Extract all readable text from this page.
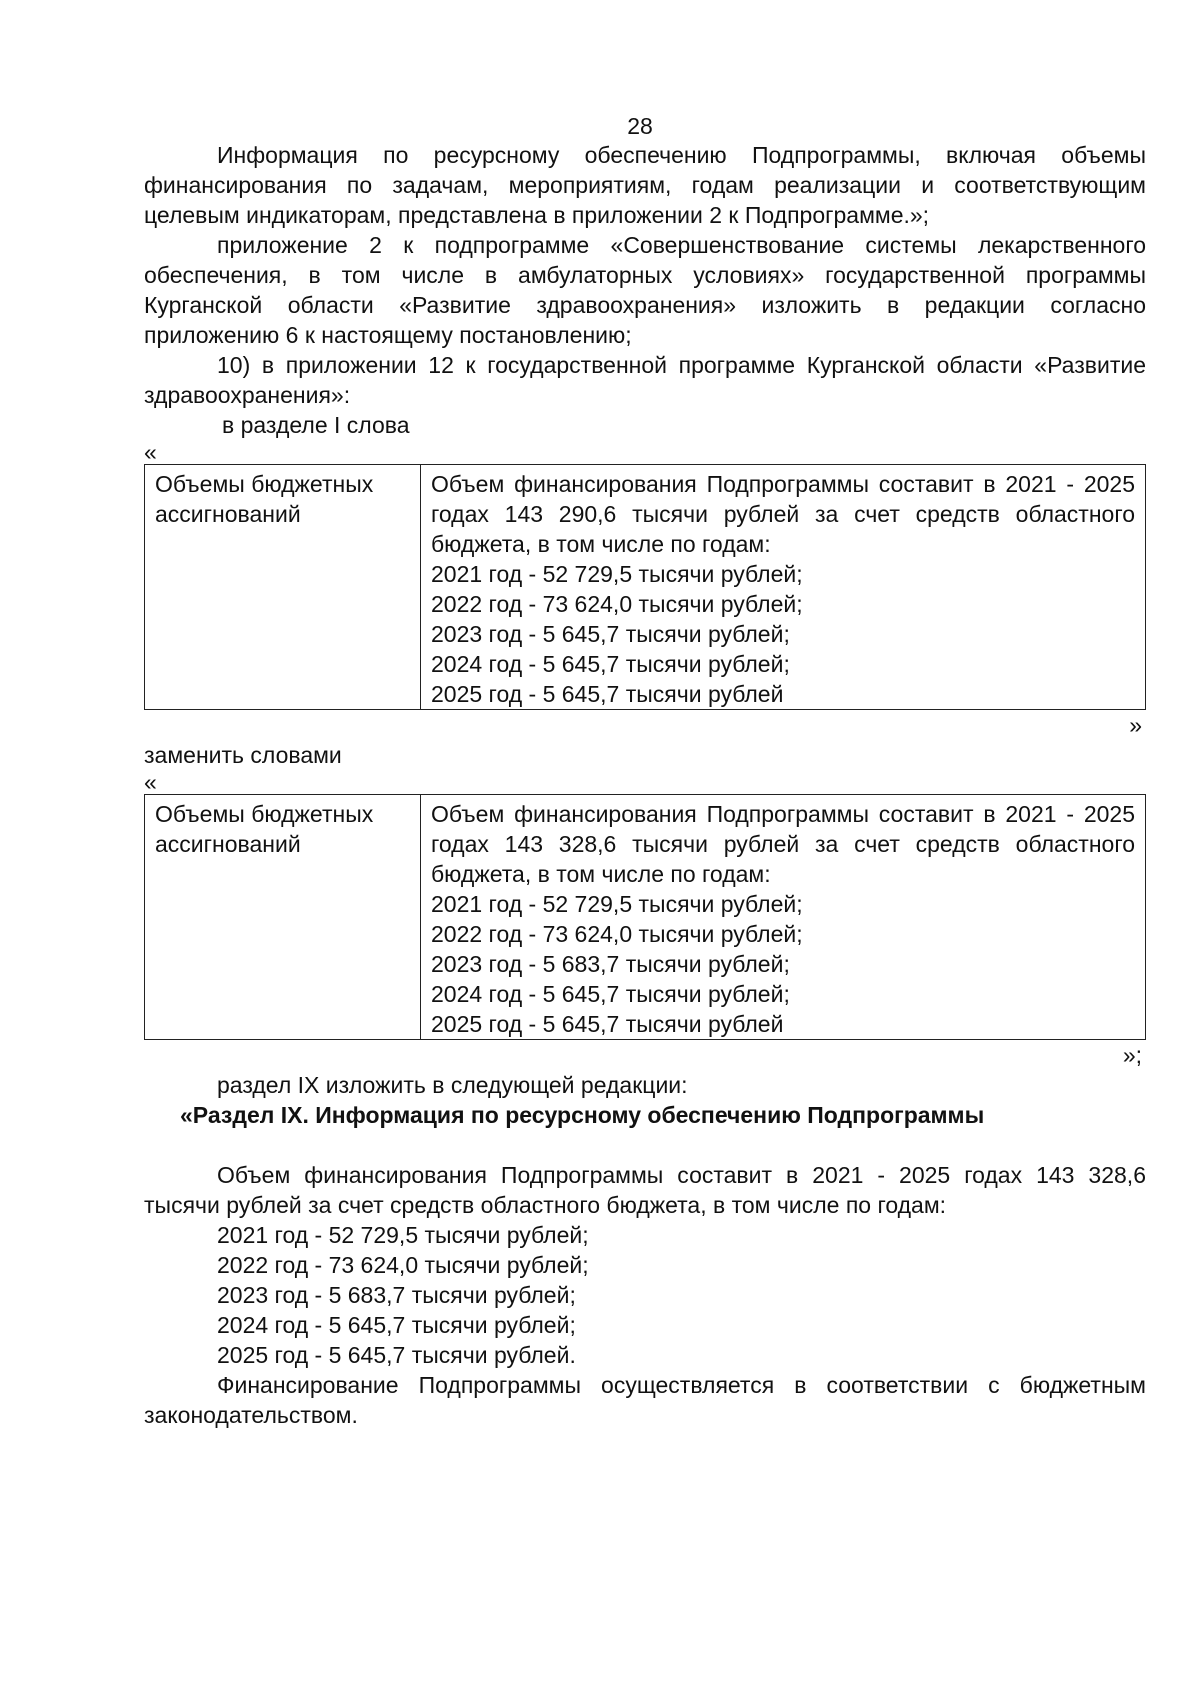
28

Информация по ресурсному обеспечению Подпрограммы, включая объемы финансирования по задачам, мероприятиям, годам реализации и соответствующим целевым индикаторам, представлена в приложении 2 к Подпрограмме.»;

приложение 2 к подпрограмме «Совершенствование системы лекарственного обеспечения, в том числе в амбулаторных условиях» государственной программы Курганской области «Развитие здравоохранения» изложить в редакции согласно приложению 6 к настоящему постановлению;

10) в приложении 12 к государственной программе Курганской области «Развитие здравоохранения»:

в разделе I слова

«
Объемы бюджетных ассигнований	Объем финансирования Подпрограммы составит в 2021 - 2025 годах 143 290,6 тысячи рублей за счет средств областного бюджета, в том числе по годам:
2021 год - 52 729,5 тысячи рублей;
2022 год - 73 624,0 тысячи рублей;
2023 год - 5 645,7 тысячи рублей;
2024 год - 5 645,7 тысячи рублей;
2025 год - 5 645,7 тысячи рублей
»

заменить словами

«
Объемы бюджетных ассигнований	Объем финансирования Подпрограммы составит в 2021 - 2025 годах 143 328,6 тысячи рублей за счет средств областного бюджета, в том числе по годам:
2021 год - 52 729,5 тысячи рублей;
2022 год - 73 624,0 тысячи рублей;
2023 год - 5 683,7 тысячи рублей;
2024 год - 5 645,7 тысячи рублей;
2025 год - 5 645,7 тысячи рублей
»;

раздел IX изложить в следующей редакции:

«Раздел IX. Информация по ресурсному обеспечению Подпрограммы

Объем финансирования Подпрограммы составит в 2021 - 2025 годах 143 328,6 тысячи рублей за счет средств областного бюджета, в том числе по годам:

2021 год - 52 729,5 тысячи рублей;

2022 год - 73 624,0 тысячи рублей;

2023 год - 5 683,7 тысячи рублей;

2024 год - 5 645,7 тысячи рублей;

2025 год - 5 645,7 тысячи рублей.

Финансирование Подпрограммы осуществляется в соответствии с бюджетным законодательством.
